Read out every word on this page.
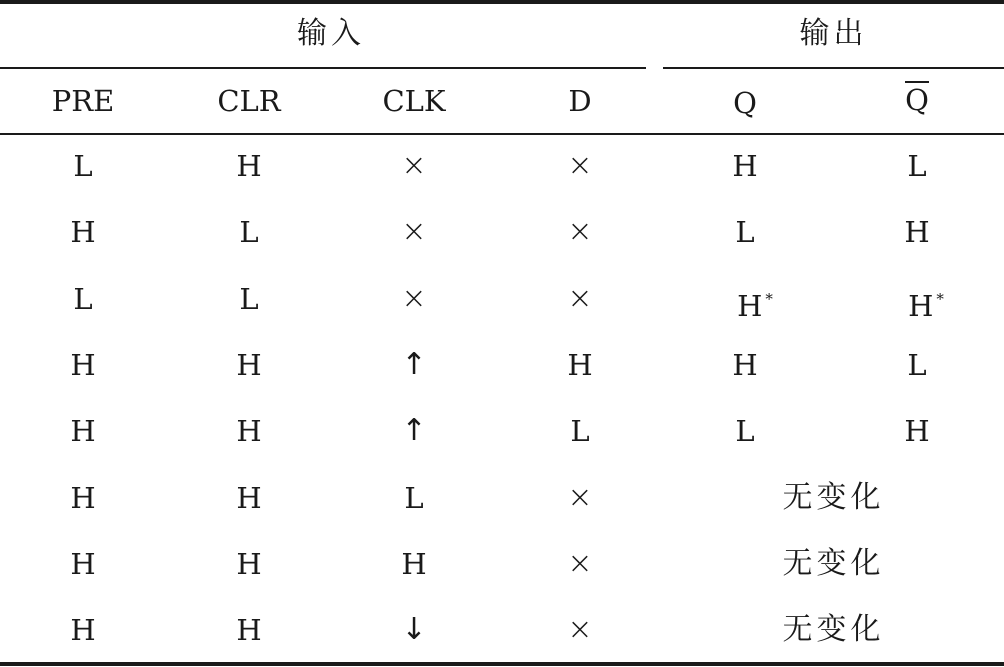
输入	输出
PRE	CLR	CLK	D	Q	Q
L	H	×	×	H	L
H	L	×	×	L	H
L	L	×	×	H *	H *
H	H	↑	H	H	L
H	H	↑	L	L	H
H	H	L	×	无变化
H	H	H	×	无变化
H	H	↓	×	无变化
